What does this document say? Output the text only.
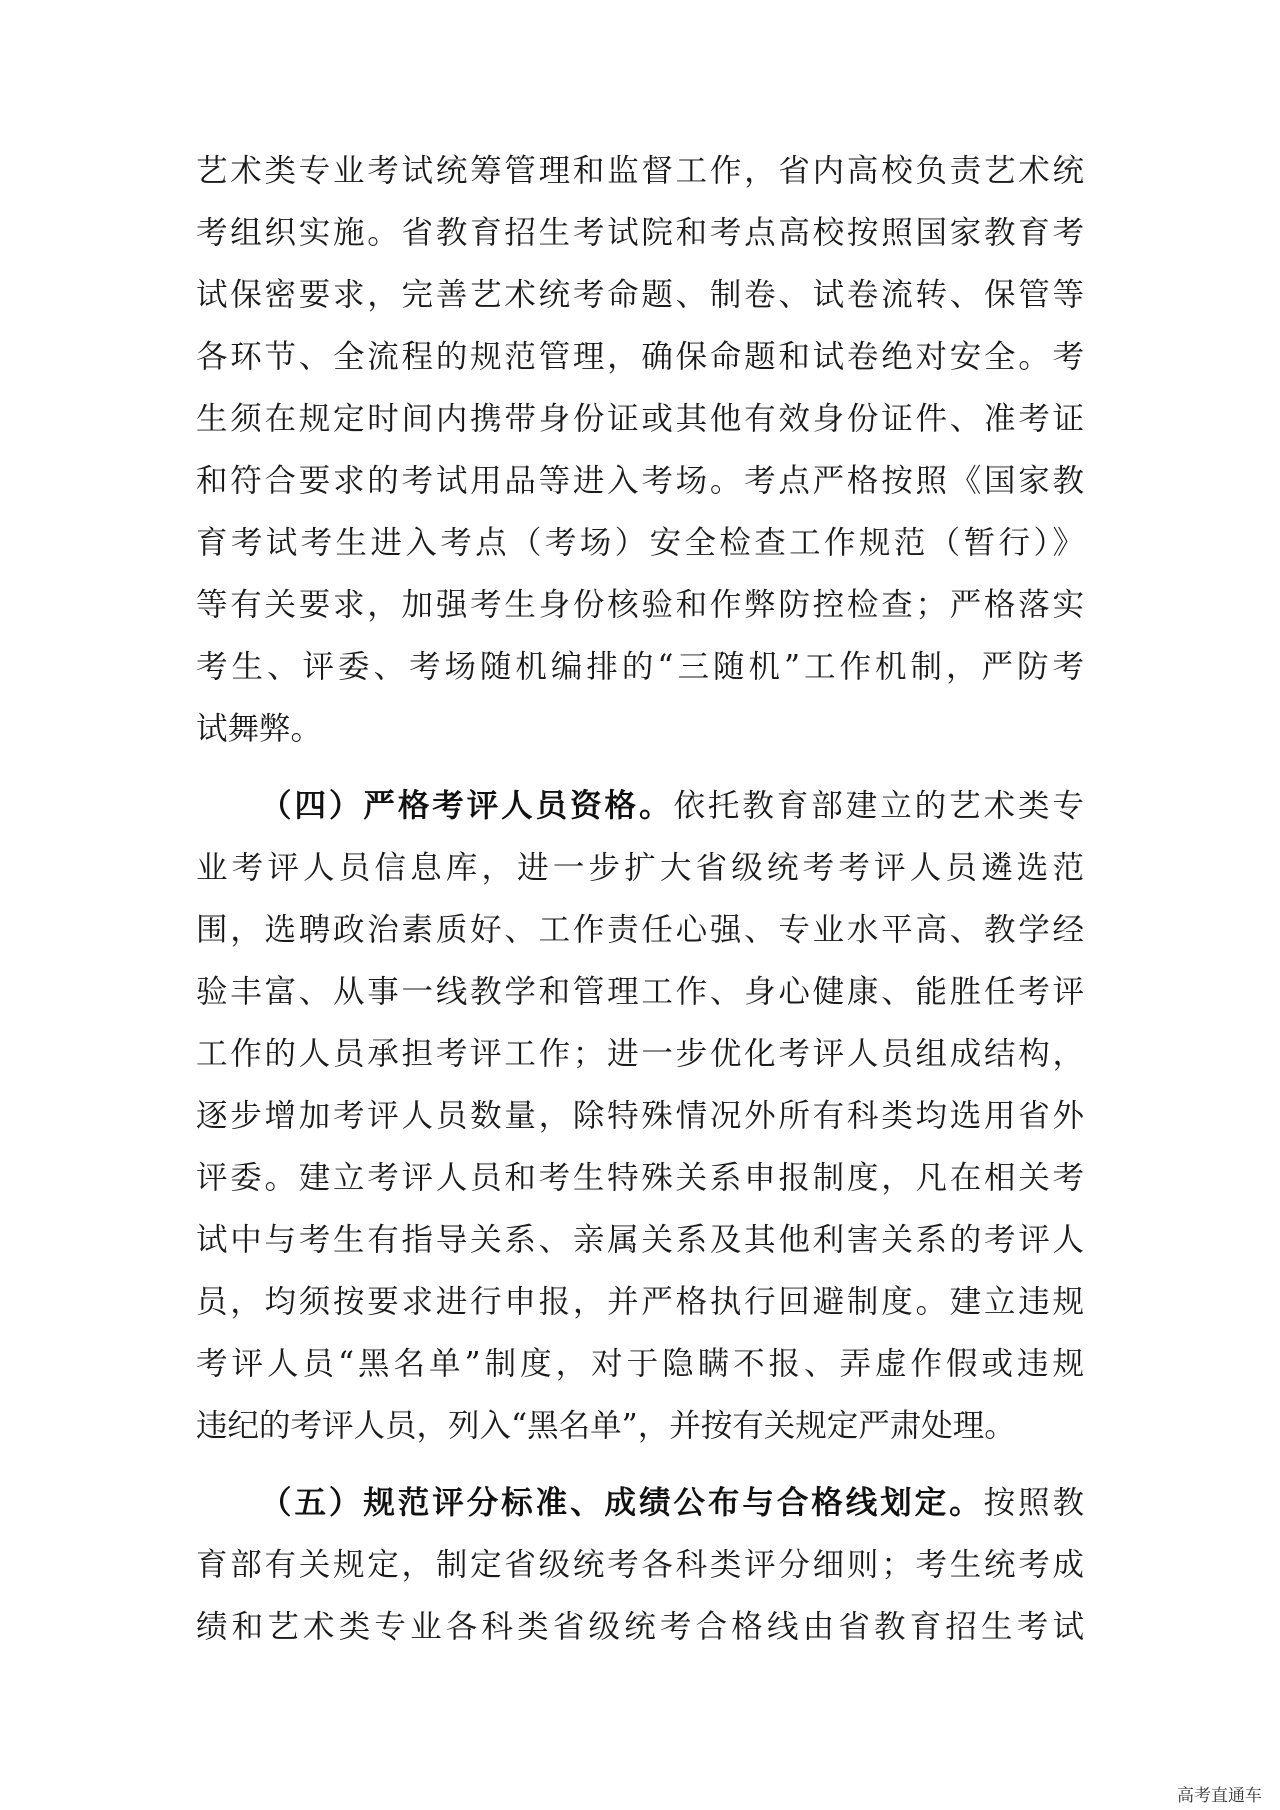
艺术类专业考试统筹管理和监督工作，省内高校负责艺术统
考组织实施。省教育招生考试院和考点高校按照国家教育考
试保密要求，完善艺术统考命题、制卷、试卷流转、保管等
各环节、全流程的规范管理，确保命题和试卷绝对安全。考
生须在规定时间内携带身份证或其他有效身份证件、准考证
和符合要求的考试用品等进入考场。考点严格按照《国家教
育考试考生进入考点（考场）安全检查工作规范（暂行）》
等有关要求，加强考生身份核验和作弊防控检查；严格落实
考生、评委、考场随机编排的“三随机”工作机制，严防考
试舞弊。
（四）严格考评人员资格。依托教育部建立的艺术类专
业考评人员信息库，进一步扩大省级统考考评人员遴选范
围，选聘政治素质好、工作责任心强、专业水平高、教学经
验丰富、从事一线教学和管理工作、身心健康、能胜任考评
工作的人员承担考评工作；进一步优化考评人员组成结构，
逐步增加考评人员数量，除特殊情况外所有科类均选用省外
评委。建立考评人员和考生特殊关系申报制度，凡在相关考
试中与考生有指导关系、亲属关系及其他利害关系的考评人
员，均须按要求进行申报，并严格执行回避制度。建立违规
考评人员“黑名单”制度，对于隐瞒不报、弄虚作假或违规
违纪的考评人员，列入“黑名单”，并按有关规定严肃处理。
（五）规范评分标准、成绩公布与合格线划定。按照教
育部有关规定，制定省级统考各科类评分细则；考生统考成
绩和艺术类专业各科类省级统考合格线由省教育招生考试
高考直通车
